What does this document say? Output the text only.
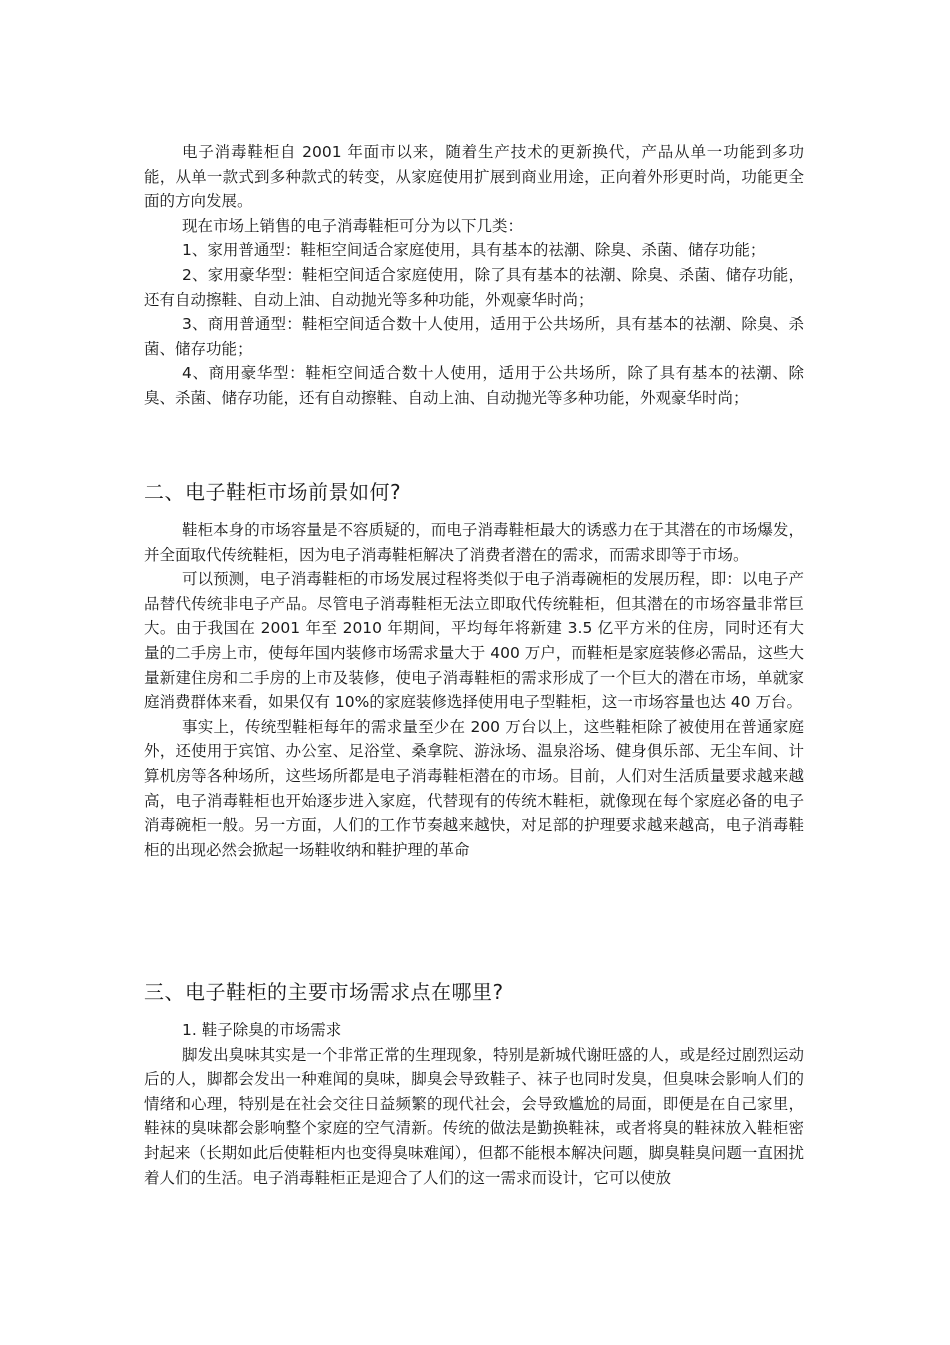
电子消毒鞋柜自 2001 年面市以来，随着生产技术的更新换代，产品从单一功能到多功能，从单一款式到多种款式的转变，从家庭使用扩展到商业用途，正向着外形更时尚，功能更全面的方向发展。

现在市场上销售的电子消毒鞋柜可分为以下几类：

1、家用普通型：鞋柜空间适合家庭使用，具有基本的祛潮、除臭、杀菌、储存功能；

2、家用豪华型：鞋柜空间适合家庭使用，除了具有基本的祛潮、除臭、杀菌、储存功能，还有自动擦鞋、自动上油、自动抛光等多种功能，外观豪华时尚；

3、商用普通型：鞋柜空间适合数十人使用，适用于公共场所，具有基本的祛潮、除臭、杀菌、储存功能；

4、商用豪华型：鞋柜空间适合数十人使用，适用于公共场所，除了具有基本的祛潮、除臭、杀菌、储存功能，还有自动擦鞋、自动上油、自动抛光等多种功能，外观豪华时尚；

二、电子鞋柜市场前景如何?

鞋柜本身的市场容量是不容质疑的，而电子消毒鞋柜最大的诱惑力在于其潜在的市场爆发，并全面取代传统鞋柜，因为电子消毒鞋柜解决了消费者潜在的需求，而需求即等于市场。

可以预测，电子消毒鞋柜的市场发展过程将类似于电子消毒碗柜的发展历程，即：以电子产品替代传统非电子产品。尽管电子消毒鞋柜无法立即取代传统鞋柜，但其潜在的市场容量非常巨大。由于我国在 2001 年至 2010 年期间，平均每年将新建 3.5 亿平方米的住房，同时还有大量的二手房上市，使每年国内装修市场需求量大于 400 万户，而鞋柜是家庭装修必需品，这些大量新建住房和二手房的上市及装修，使电子消毒鞋柜的需求形成了一个巨大的潜在市场，单就家庭消费群体来看，如果仅有 10%的家庭装修选择使用电子型鞋柜，这一市场容量也达 40 万台。

事实上，传统型鞋柜每年的需求量至少在 200 万台以上，这些鞋柜除了被使用在普通家庭外，还使用于宾馆、办公室、足浴堂、桑拿院、游泳场、温泉浴场、健身俱乐部、无尘车间、计算机房等各种场所，这些场所都是电子消毒鞋柜潜在的市场。目前，人们对生活质量要求越来越高，电子消毒鞋柜也开始逐步进入家庭，代替现有的传统木鞋柜，就像现在每个家庭必备的电子消毒碗柜一般。另一方面，人们的工作节奏越来越快，对足部的护理要求越来越高，电子消毒鞋柜的出现必然会掀起一场鞋收纳和鞋护理的革命

三、电子鞋柜的主要市场需求点在哪里?

1. 鞋子除臭的市场需求

脚发出臭味其实是一个非常正常的生理现象，特别是新城代谢旺盛的人，或是经过剧烈运动后的人，脚都会发出一种难闻的臭味，脚臭会导致鞋子、袜子也同时发臭，但臭味会影响人们的情绪和心理，特别是在社会交往日益频繁的现代社会，会导致尴尬的局面，即便是在自己家里，鞋袜的臭味都会影响整个家庭的空气清新。传统的做法是勤换鞋袜，或者将臭的鞋袜放入鞋柜密封起来（长期如此后使鞋柜内也变得臭味难闻），但都不能根本解决问题，脚臭鞋臭问题一直困扰着人们的生活。电子消毒鞋柜正是迎合了人们的这一需求而设计，它可以使放
